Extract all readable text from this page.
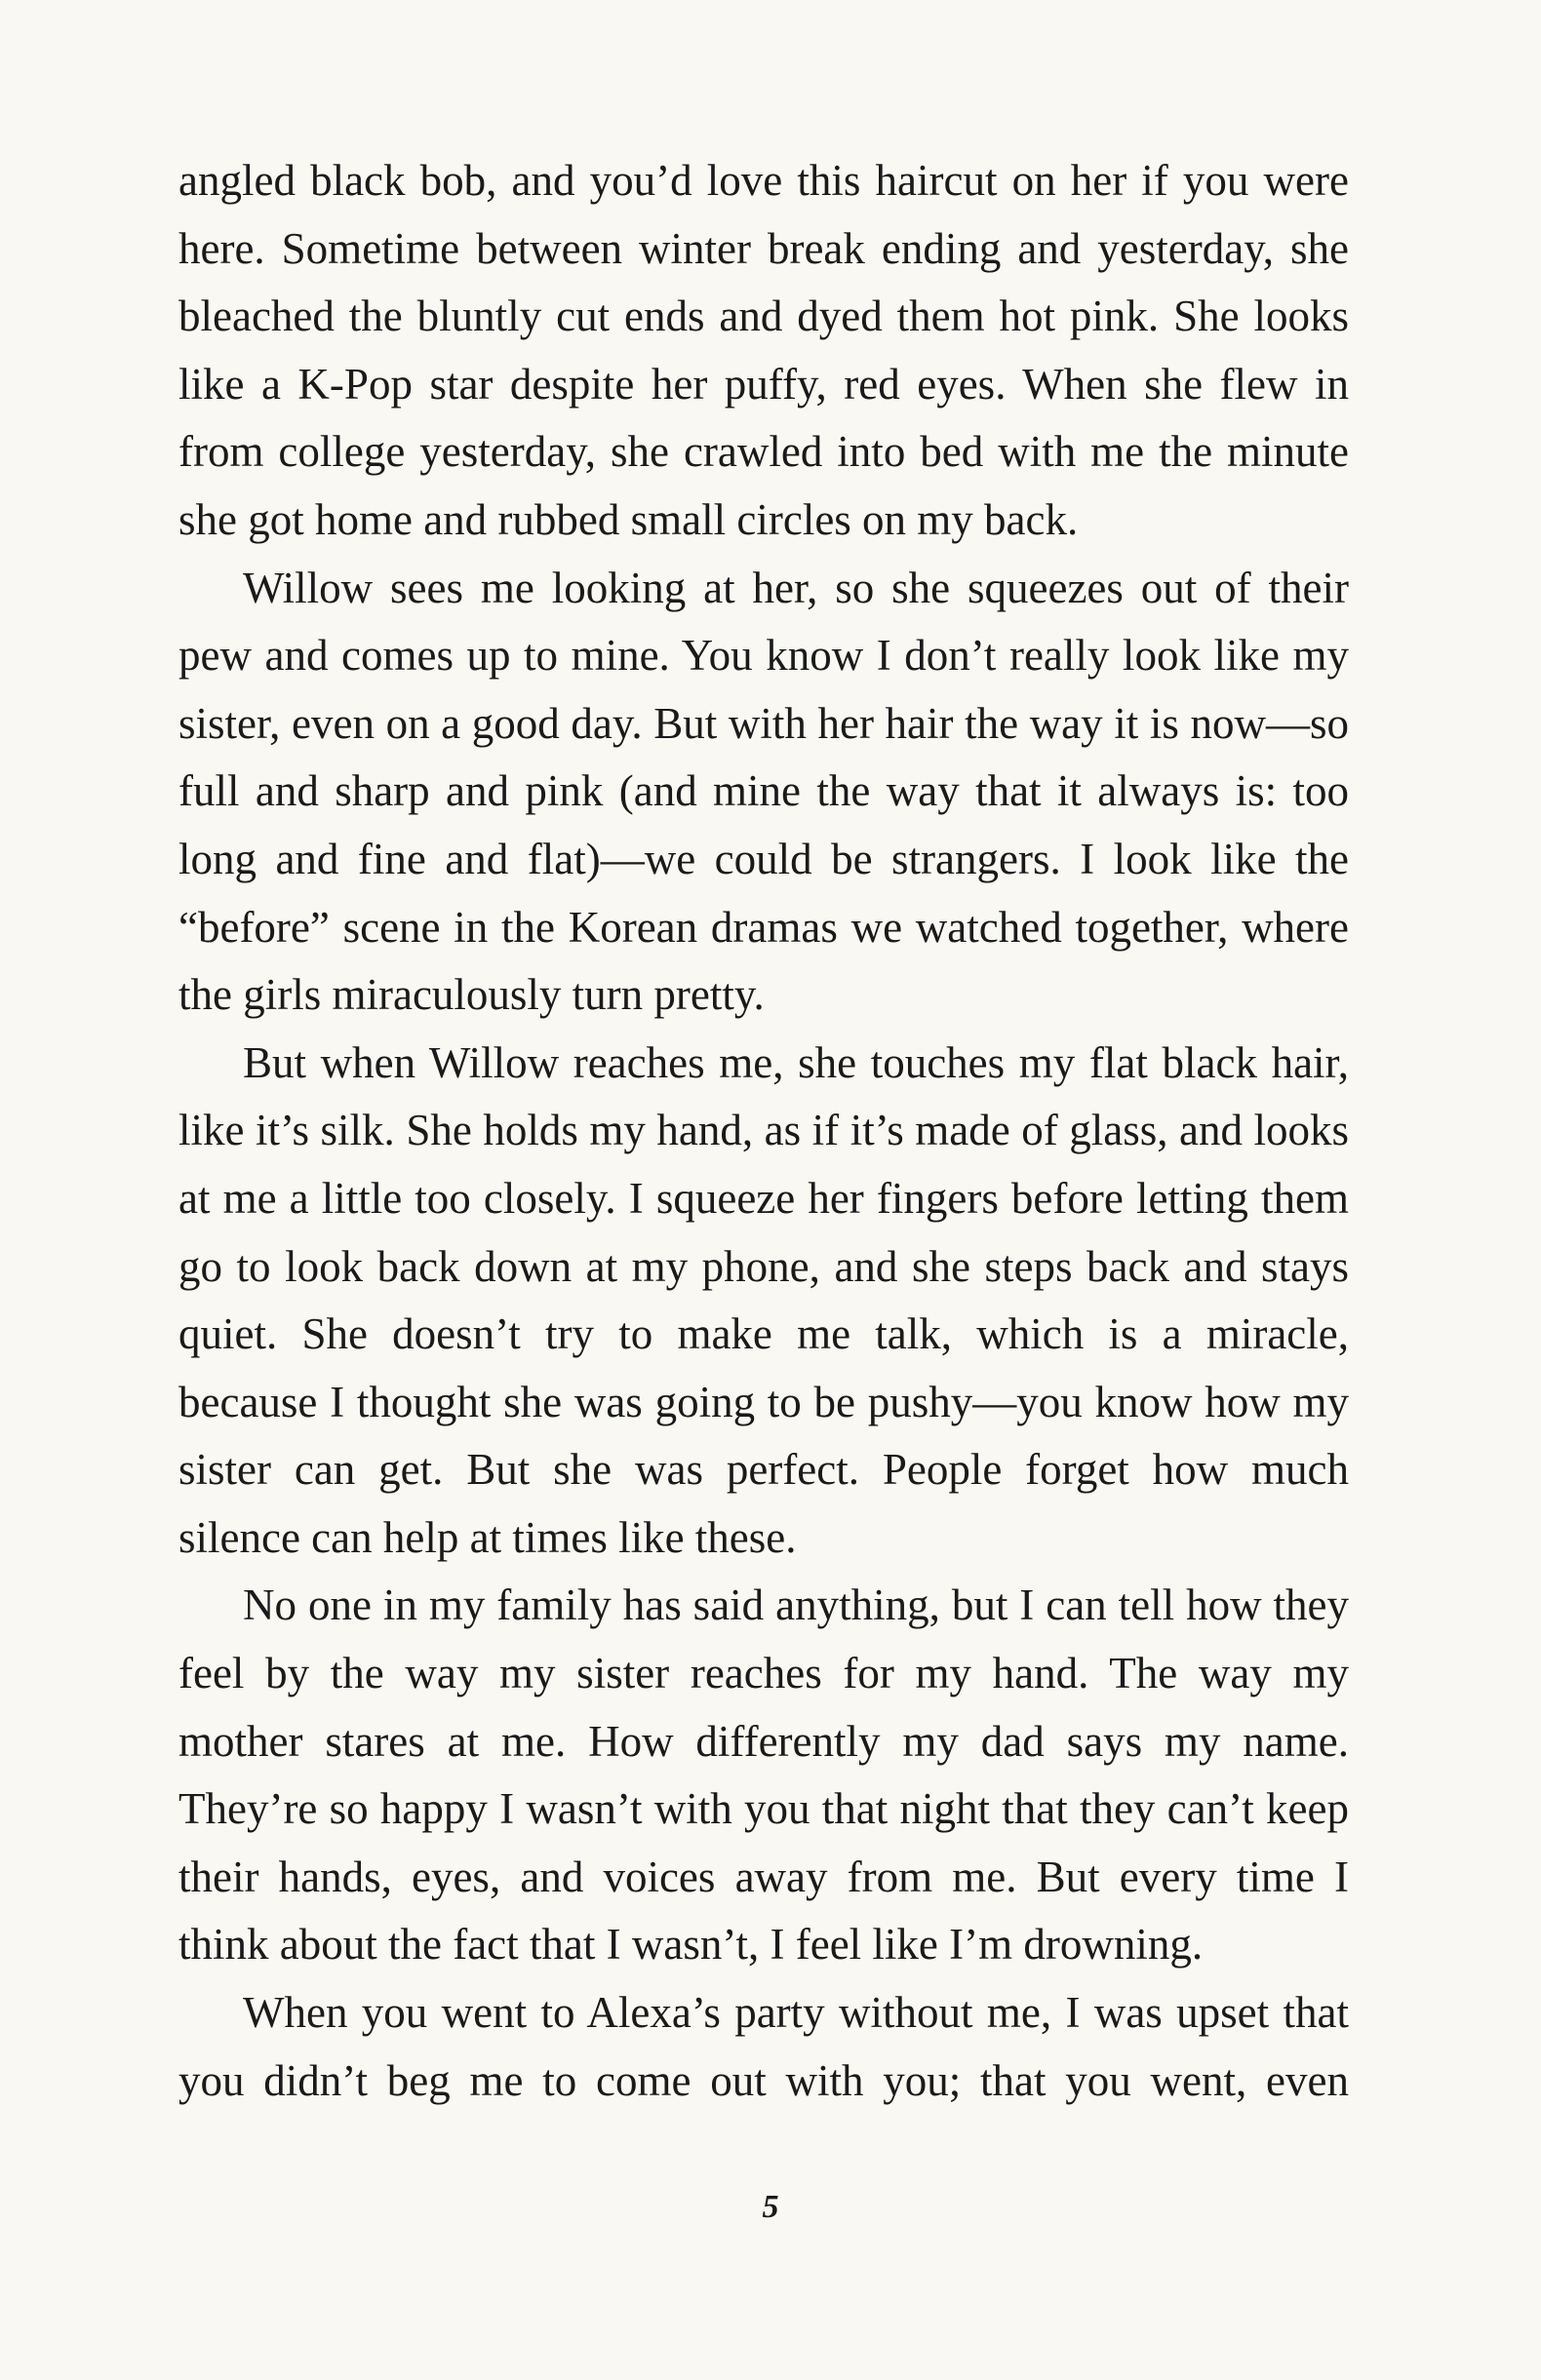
angled black bob, and you’d love this haircut on her if you were here. Sometime between winter break ending and yesterday, she bleached the bluntly cut ends and dyed them hot pink. She looks like a K-Pop star despite her puffy, red eyes. When she flew in from college yesterday, she crawled into bed with me the minute she got home and rubbed small circles on my back.

Willow sees me looking at her, so she squeezes out of their pew and comes up to mine. You know I don’t really look like my sister, even on a good day. But with her hair the way it is now—so full and sharp and pink (and mine the way that it always is: too long and fine and flat)—we could be strangers. I look like the “before” scene in the Korean dramas we watched together, where the girls miraculously turn pretty.

But when Willow reaches me, she touches my flat black hair, like it’s silk. She holds my hand, as if it’s made of glass, and looks at me a little too closely. I squeeze her fingers before letting them go to look back down at my phone, and she steps back and stays quiet. She doesn’t try to make me talk, which is a miracle, because I thought she was going to be pushy—you know how my sister can get. But she was perfect. People forget how much silence can help at times like these.

No one in my family has said anything, but I can tell how they feel by the way my sister reaches for my hand. The way my mother stares at me. How differently my dad says my name. They’re so happy I wasn’t with you that night that they can’t keep their hands, eyes, and voices away from me. But every time I think about the fact that I wasn’t, I feel like I’m drowning.

When you went to Alexa’s party without me, I was upset that you didn’t beg me to come out with you; that you went, even

5
